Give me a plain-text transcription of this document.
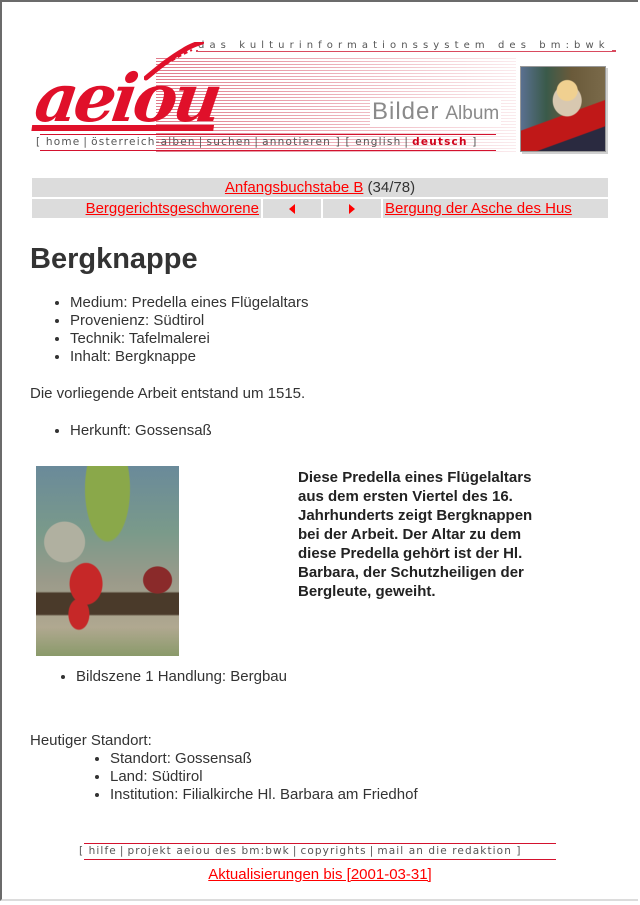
das kulturinformationssystem des bm:bwk
aeiou	Bilder Album
[ home | österreich-alben | suchen | annotieren ] [ english | deutsch ]
Anfangsbuchstabe B (34/78)
Berggerichtsgeschworene			Bergung der Asche des Hus
Bergknappe
• Medium: Predella eines Flügelaltars
• Provenienz: Südtirol
• Technik: Tafelmalerei
• Inhalt: Bergknappe

Die vorliegende Arbeit entstand um 1515.

• Herkunft: Gossensaß
Diese Predella eines Flügelaltars aus dem ersten Viertel des 16. Jahrhunderts zeigt Bergknappen bei der Arbeit. Der Altar zu dem diese Predella gehört ist der Hl. Barbara, der Schutzheiligen der Bergleute, geweiht.
• Bildszene 1 Handlung: Bergbau

Heutiger Standort:

• Standort: Gossensaß
• Land: Südtirol
• Institution: Filialkirche Hl. Barbara am Friedhof
[ hilfe | projekt aeiou des bm:bwk | copyrights | mail an die redaktion ]
Aktualisierungen bis [2001-03-31]
